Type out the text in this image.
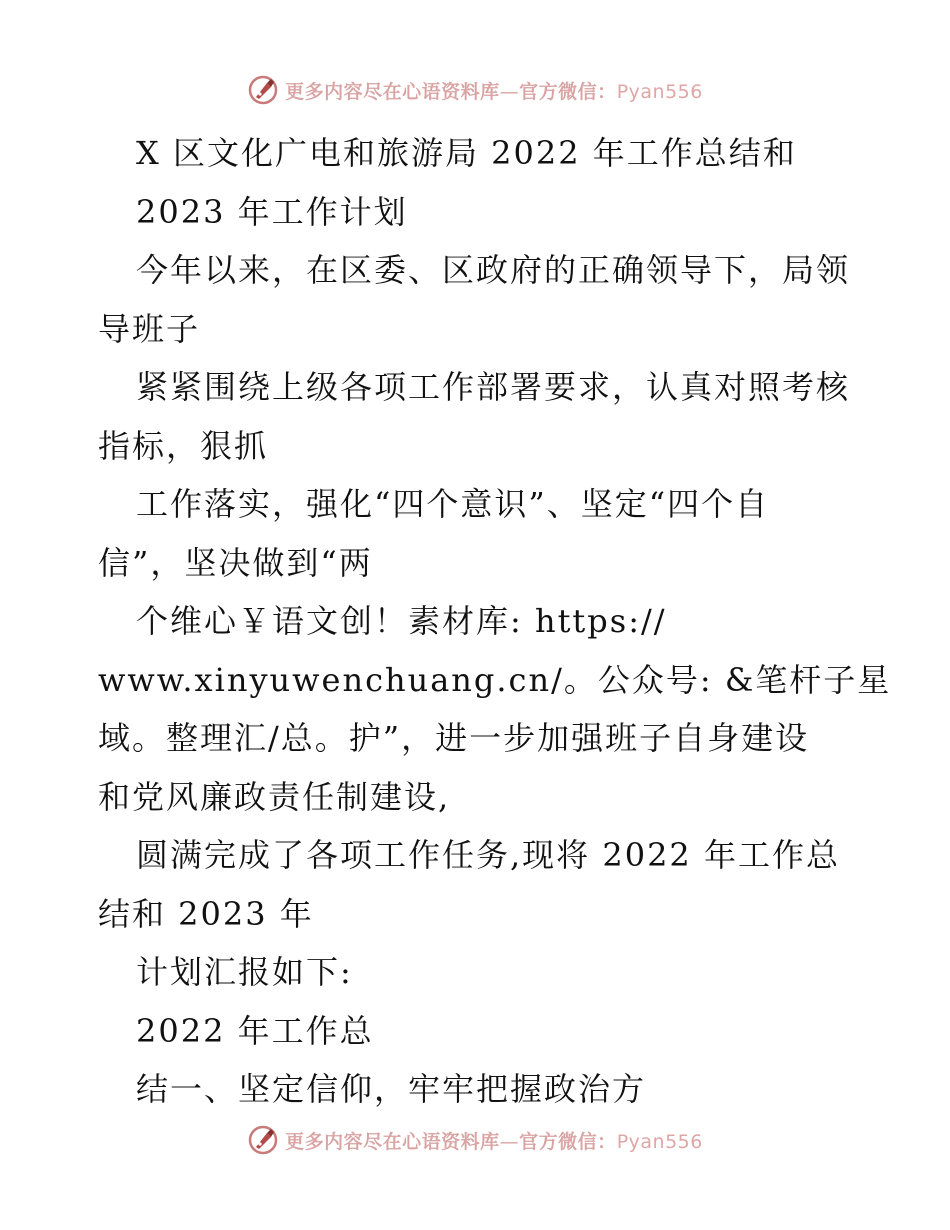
更多内容尽在心语资料库—官方微信：Pyan556
X 区文化广电和旅游局 2022 年工作总结和
2023 年工作计划
今年以来，在区委、区政府的正确领导下，局领
导班子
紧紧围绕上级各项工作部署要求，认真对照考核
指标，狠抓
工作落实，强化“四个意识”、坚定“四个自
信”，坚决做到“两
个维心￥语文创！素材库: https://
www.xinyuwenchuang.cn/。公众号: &笔杆子星
域。整理汇/总。护”，进一步加强班子自身建设
和党风廉政责任制建设,
圆满完成了各项工作任务,现将 2022 年工作总
结和 2023 年
计划汇报如下:
2022 年工作总
结一、坚定信仰，牢牢把握政治方
更多内容尽在心语资料库—官方微信：Pyan556
